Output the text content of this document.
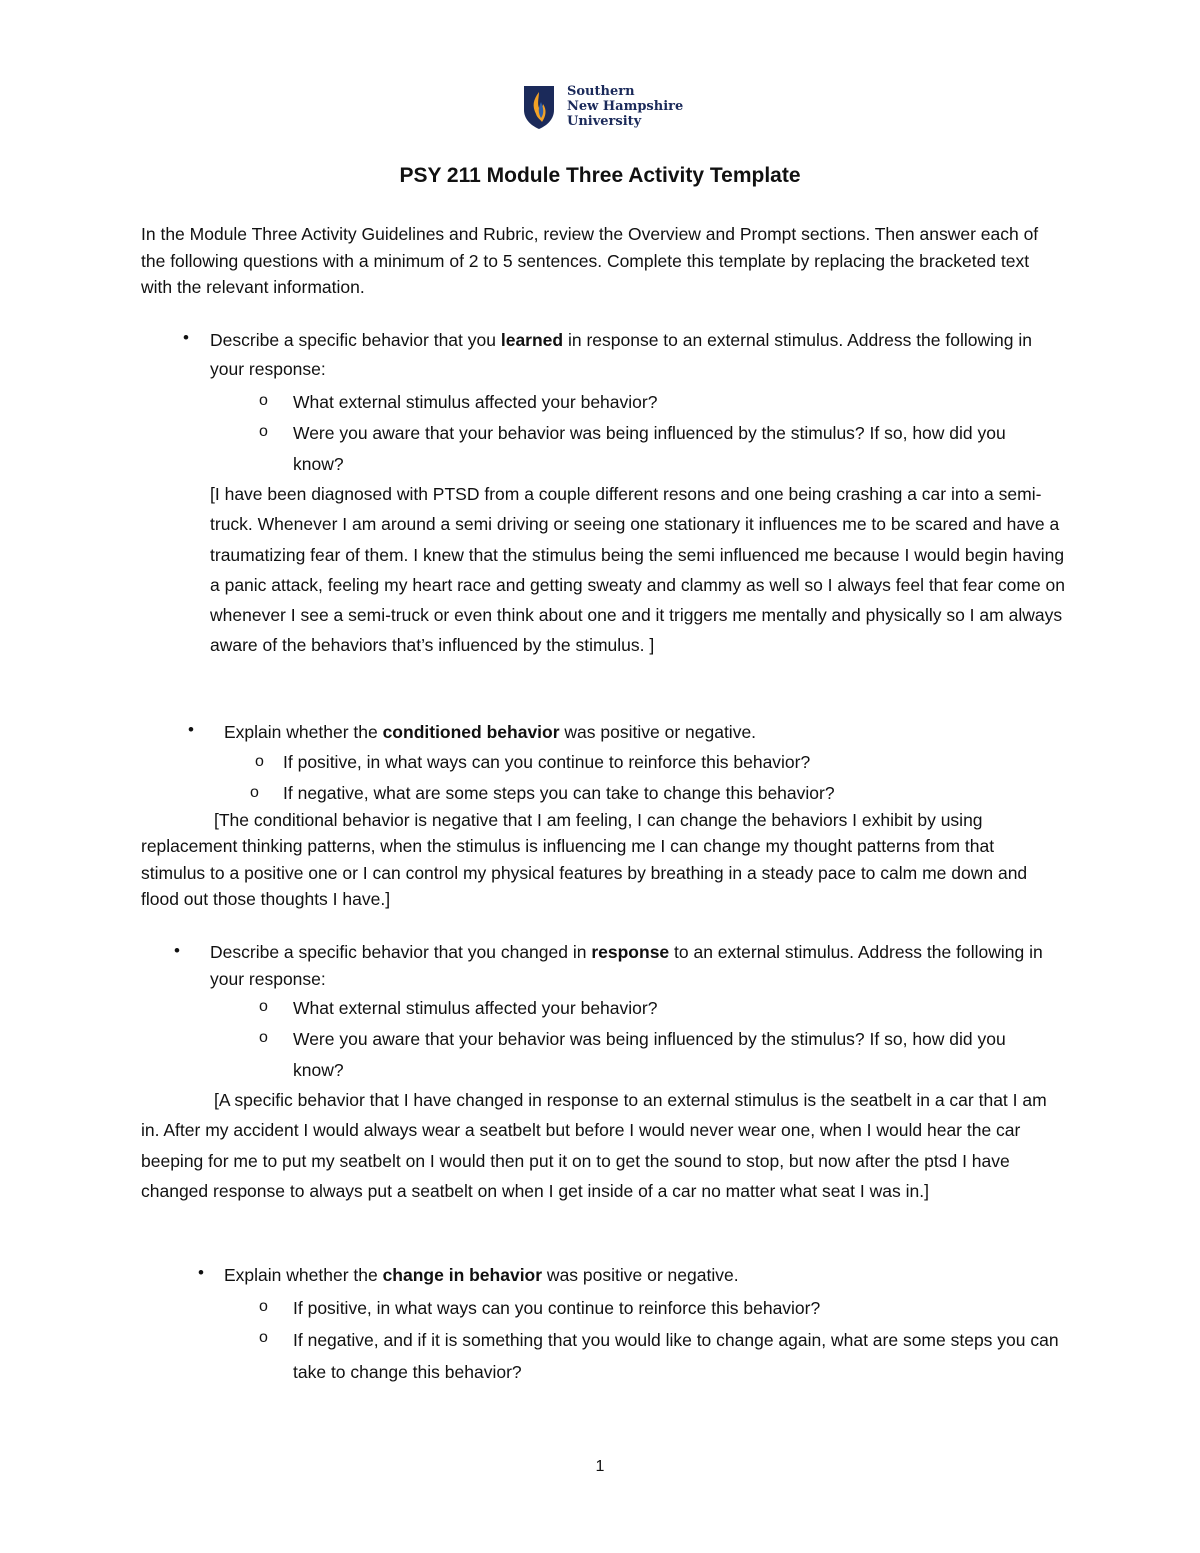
Southern
New Hampshire
University
PSY 211 Module Three Activity Template
In the Module Three Activity Guidelines and Rubric, review the Overview and Prompt sections. Then answer each of the following questions with a minimum of 2 to 5 sentences. Complete this template by replacing the bracketed text with the relevant information.
• Describe a specific behavior that you learned in response to an external stimulus. Address the following in your response:
o What external stimulus affected your behavior?
o Were you aware that your behavior was being influenced by the stimulus? If so, how did you know?
[I have been diagnosed with PTSD from a couple different resons and one being crashing a car into a semi-truck. Whenever I am around a semi driving or seeing one stationary it influences me to be scared and have a traumatizing fear of them. I knew that the stimulus being the semi influenced me because I would begin having a panic attack, feeling my heart race and getting sweaty and clammy as well so I always feel that fear come on whenever I see a semi-truck or even think about one and it triggers me mentally and physically so I am always aware of the behaviors that’s influenced by the stimulus. ]
• Explain whether the conditioned behavior was positive or negative.
o If positive, in what ways can you continue to reinforce this behavior?
o If negative, what are some steps you can take to change this behavior?
[The conditional behavior is negative that I am feeling, I can change the behaviors I exhibit by using replacement thinking patterns, when the stimulus is influencing me I can change my thought patterns from that stimulus to a positive one or I can control my physical features by breathing in a steady pace to calm me down and flood out those thoughts I have.]
• Describe a specific behavior that you changed in response to an external stimulus. Address the following in your response:
o What external stimulus affected your behavior?
o Were you aware that your behavior was being influenced by the stimulus? If so, how did you know?
[A specific behavior that I have changed in response to an external stimulus is the seatbelt in a car that I am in. After my accident I would always wear a seatbelt but before I would never wear one, when I would hear the car beeping for me to put my seatbelt on I would then put it on to get the sound to stop, but now after the ptsd I have changed response to always put a seatbelt on when I get inside of a car no matter what seat I was in.]
• Explain whether the change in behavior was positive or negative.
o If positive, in what ways can you continue to reinforce this behavior?
o If negative, and if it is something that you would like to change again, what are some steps you can take to change this behavior?
1
